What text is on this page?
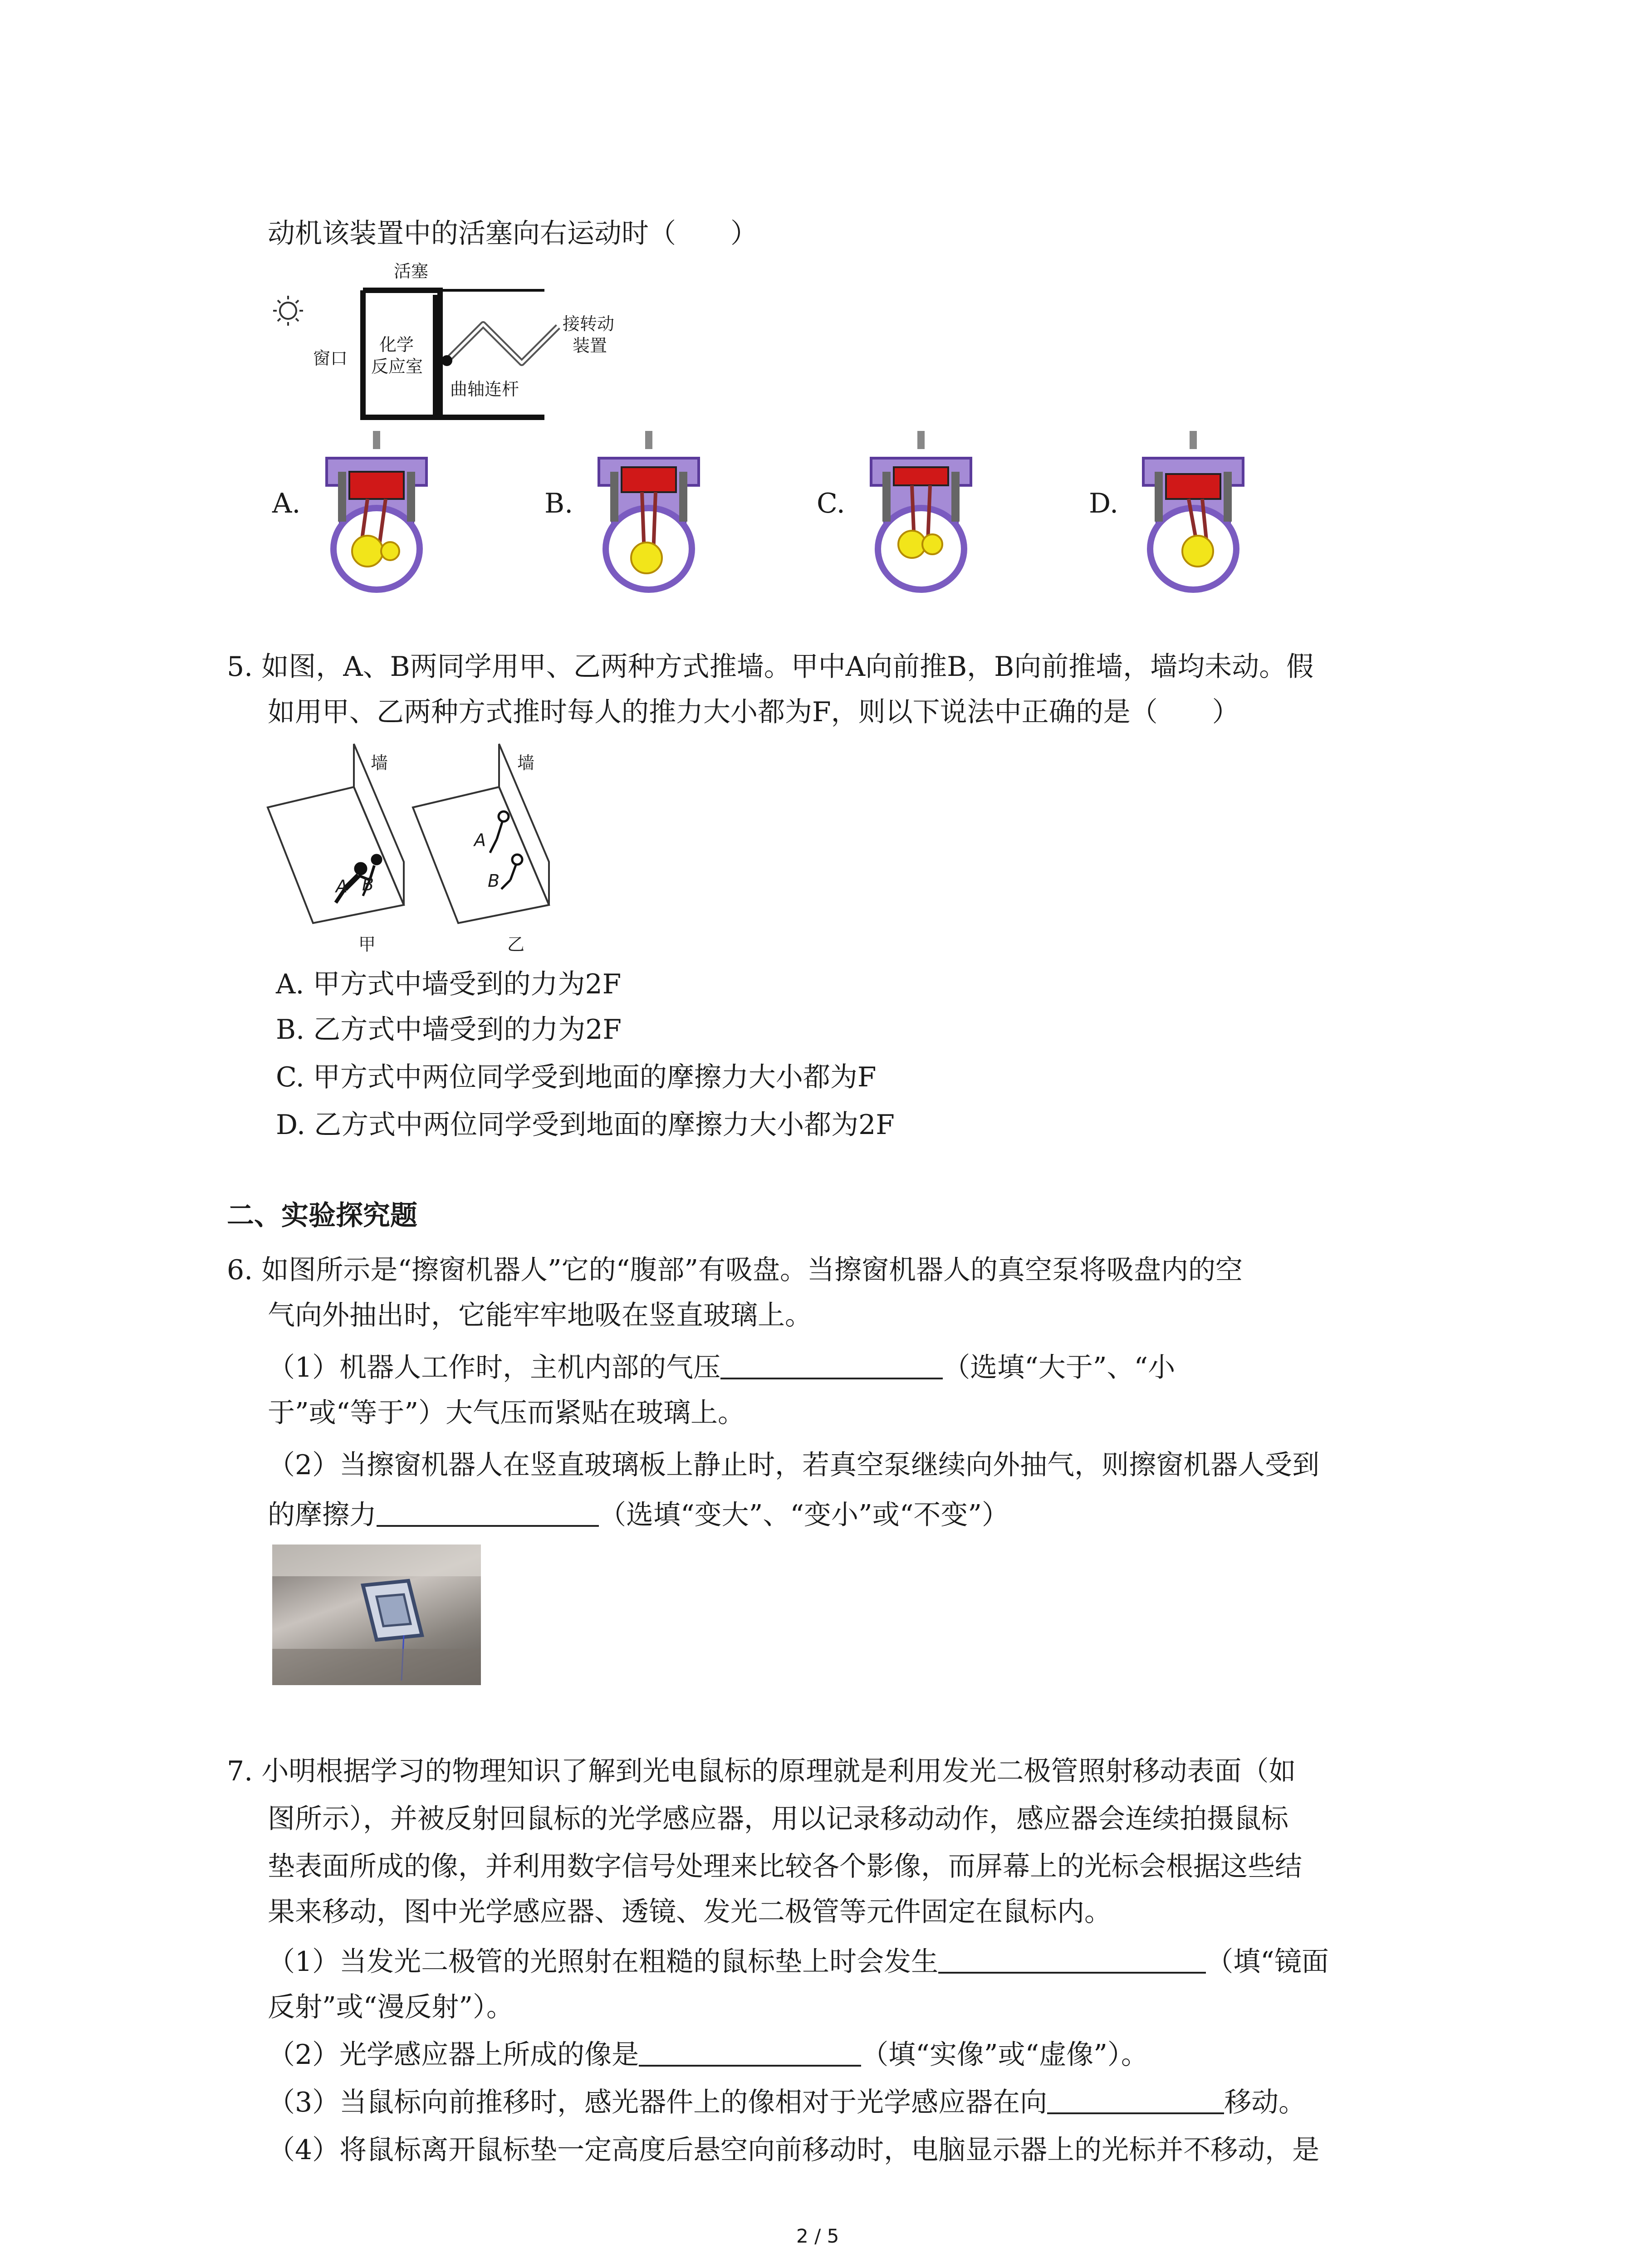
动机该装置中的活塞向右运动时（　　）
活塞
窗口
化学
反应室
曲轴连杆
接转动
装置
A.	B.	C.	D.
5. 如图，A、B两同学用甲、乙两种方式推墙。甲中A向前推B，B向前推墙，墙均未动。假
如用甲、乙两种方式推时每人的推力大小都为F，则以下说法中正确的是（　　）
墙	墙
A B
A
B
甲	乙
A. 甲方式中墙受到的力为2F
B. 乙方式中墙受到的力为2F
C. 甲方式中两位同学受到地面的摩擦力大小都为F
D. 乙方式中两位同学受到地面的摩擦力大小都为2F
二、实验探究题
6. 如图所示是“擦窗机器人”它的“腹部”有吸盘。当擦窗机器人的真空泵将吸盘内的空
气向外抽出时，它能牢牢地吸在竖直玻璃上。
（1）机器人工作时，主机内部的气压	（选填“大于”、“小
于”或“等于”）大气压而紧贴在玻璃上。
（2）当擦窗机器人在竖直玻璃板上静止时，若真空泵继续向外抽气，则擦窗机器人受到
的摩擦力	（选填“变大”、“变小”或“不变”）
7. 小明根据学习的物理知识了解到光电鼠标的原理就是利用发光二极管照射移动表面（如
图所示），并被反射回鼠标的光学感应器，用以记录移动动作，感应器会连续拍摄鼠标
垫表面所成的像，并利用数字信号处理来比较各个影像，而屏幕上的光标会根据这些结
果来移动，图中光学感应器、透镜、发光二极管等元件固定在鼠标内。
（1）当发光二极管的光照射在粗糙的鼠标垫上时会发生	（填“镜面
反射”或“漫反射”）。
（2）光学感应器上所成的像是	（填“实像”或“虚像”）。
（3）当鼠标向前推移时，感光器件上的像相对于光学感应器在向	移动。
（4）将鼠标离开鼠标垫一定高度后悬空向前移动时，电脑显示器上的光标并不移动，是
2 / 5
